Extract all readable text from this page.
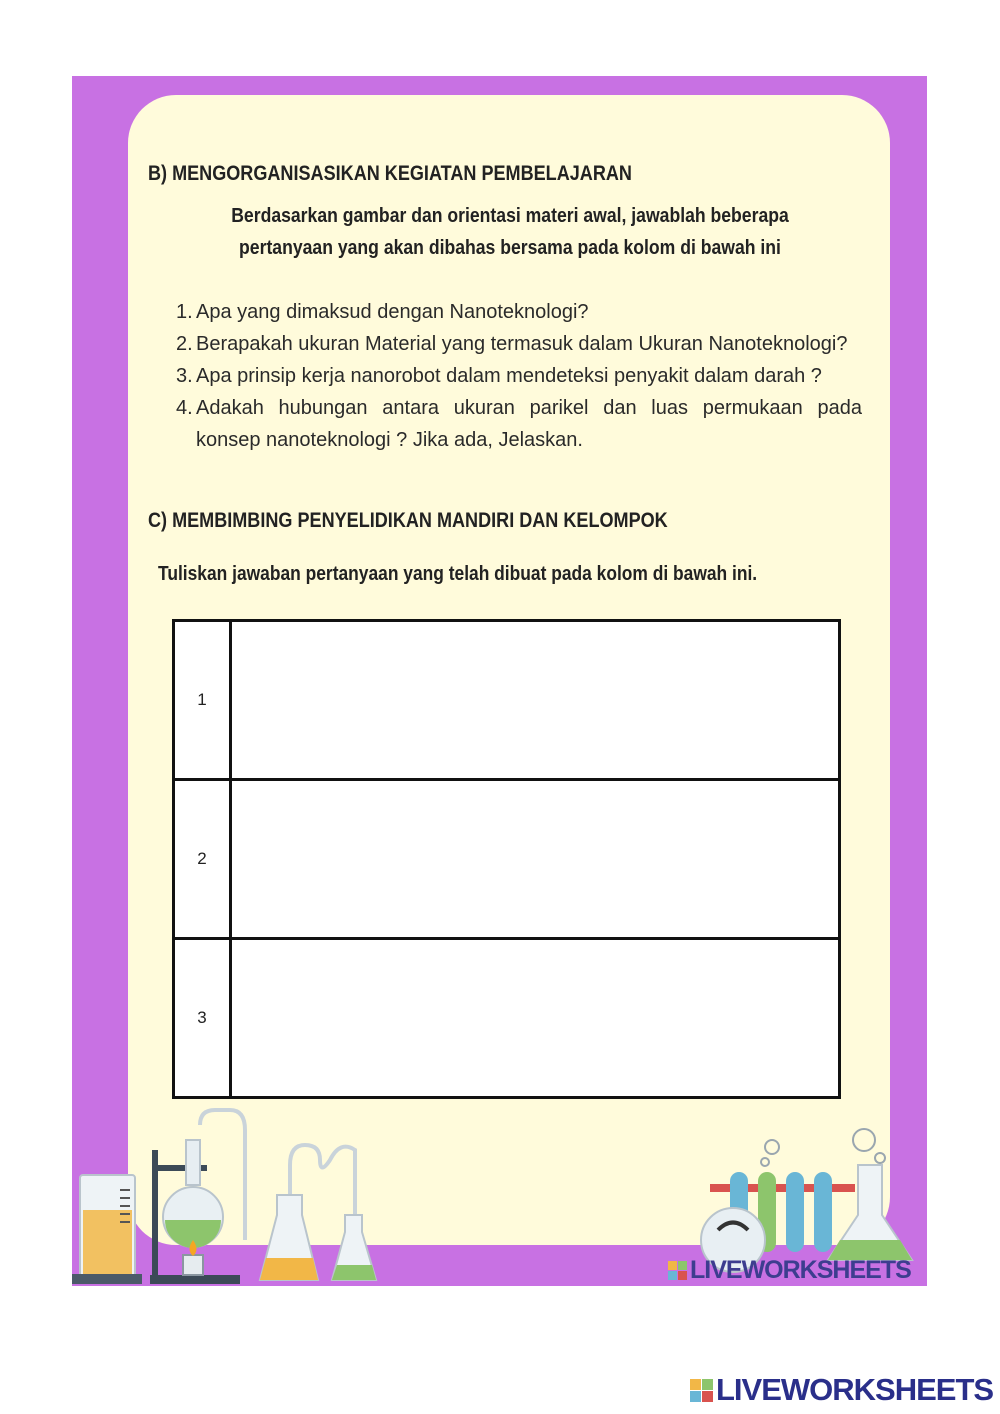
B) MENGORGANISASIKAN KEGIATAN PEMBELAJARAN
Berdasarkan gambar dan orientasi materi awal, jawablah beberapa
pertanyaan yang akan dibahas bersama pada kolom di bawah ini
1. Apa yang dimaksud dengan Nanoteknologi?
2. Berapakah ukuran Material yang termasuk dalam Ukuran Nanoteknologi?
3. Apa prinsip kerja nanorobot dalam mendeteksi penyakit dalam darah ?
4. Adakah hubungan antara ukuran parikel dan luas permukaan pada
konsep nanoteknologi ? Jika ada, Jelaskan.
C) MEMBIMBING PENYELIDIKAN MANDIRI DAN KELOMPOK
Tuliskan jawaban pertanyaan yang telah dibuat pada kolom di bawah ini.
1	
2	
3	
LIVEWORKSHEETS
LIVEWORKSHEETS
